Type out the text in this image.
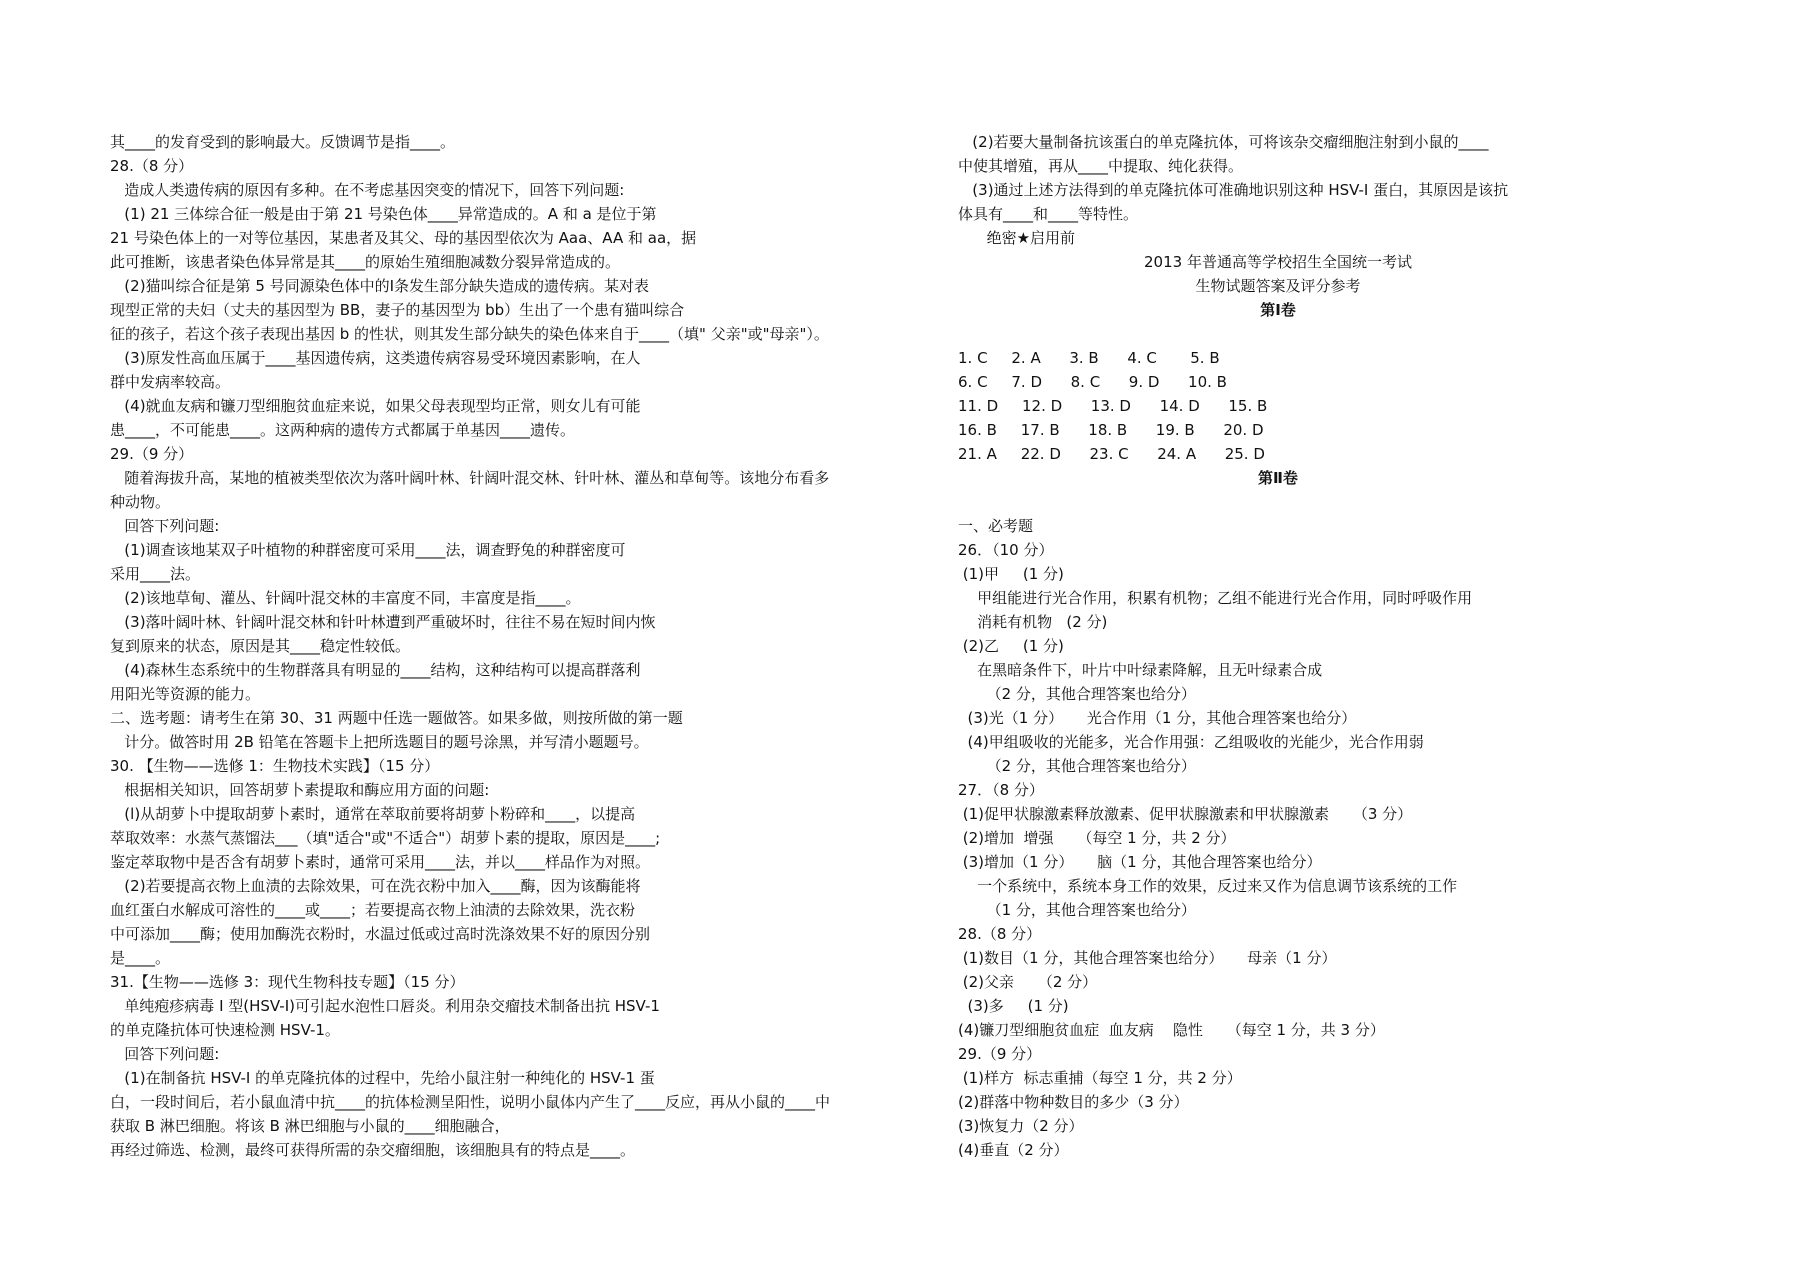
其____的发育受到的影响最大。反馈调节是指____。
28.（8 分）
造成人类遗传病的原因有多种。在不考虑基因突变的情况下，回答下列问题:
(1) 21 三体综合征一般是由于第 21 号染色体____异常造成的。A 和 a 是位于第
21 号染色体上的一对等位基因，某患者及其父、母的基因型依次为 Aaa、AA 和 aa，据
此可推断，该患者染色体异常是其____的原始生殖细胞减数分裂异常造成的。
(2)猫叫综合征是第 5 号同源染色体中的Ⅰ条发生部分缺失造成的遗传病。某对表
现型正常的夫妇（丈夫的基因型为 BB，妻子的基因型为 bb）生出了一个患有猫叫综合
征的孩子，若这个孩子表现出基因 b 的性状，则其发生部分缺失的染色体来自于____（填" 父亲"或"母亲"）。
(3)原发性高血压属于____基因遗传病，这类遗传病容易受环境因素影响，在人
群中发病率较高。
(4)就血友病和镰刀型细胞贫血症来说，如果父母表现型均正常，则女儿有可能
患____，不可能患____。这两种病的遗传方式都属于单基因____遗传。
29.（9 分）
随着海拔升高，某地的植被类型依次为落叶阔叶林、针阔叶混交林、针叶林、灌丛和草甸等。该地分布看多
种动物。
回答下列问题:
(1)调查该地某双子叶植物的种群密度可采用____法，调查野兔的种群密度可
采用____法。
(2)该地草甸、灌丛、针阔叶混交林的丰富度不同，丰富度是指____。
(3)落叶阔叶林、针阔叶混交林和针叶林遭到严重破坏时，往往不易在短时间内恢
复到原来的状态，原因是其____稳定性较低。
(4)森林生态系统中的生物群落具有明显的____结构，这种结构可以提高群落利
用阳光等资源的能力。
二、选考题：请考生在第 30、31 两题中任选一题做答。如果多做，则按所做的第一题
计分。做答时用 2B 铅笔在答题卡上把所选题目的题号涂黑，并写清小题题号。
30. 【生物——选修 1：生物技术实践】（15 分）
根据相关知识，回答胡萝卜素提取和酶应用方面的问题:
(l)从胡萝卜中提取胡萝卜素时，通常在萃取前要将胡萝卜粉碎和____，以提高
萃取效率：水蒸气蒸馏法___（填"适合"或"不适合"）胡萝卜素的提取，原因是____;
鉴定萃取物中是否含有胡萝卜素时，通常可采用____法，并以____样品作为对照。
(2)若要提高衣物上血渍的去除效果，可在洗衣粉中加入____酶，因为该酶能将
血红蛋白水解成可溶性的____或____；若要提高衣物上油渍的去除效果，洗衣粉
中可添加____酶；使用加酶洗衣粉时，水温过低或过高时洗涤效果不好的原因分别
是____。
31.【生物——选修 3：现代生物科技专题】（15 分）
单纯疱疹病毒 I 型(HSV-I)可引起水泡性口唇炎。利用杂交瘤技术制备出抗 HSV-1
的单克隆抗体可快速检测 HSV-1。
回答下列问题:
(1)在制备抗 HSV-I 的单克隆抗体的过程中，先给小鼠注射一种纯化的 HSV-1 蛋
白，一段时间后，若小鼠血清中抗____的抗体检测呈阳性，说明小鼠体内产生了____反应，再从小鼠的____中
获取 B 淋巴细胞。将该 B 淋巴细胞与小鼠的____细胞融合，
再经过筛选、检测，最终可获得所需的杂交瘤细胞，该细胞具有的特点是____。
(2)若要大量制备抗该蛋白的单克隆抗体，可将该杂交瘤细胞注射到小鼠的____
中使其增殖，再从____中提取、纯化获得。
(3)通过上述方法得到的单克隆抗体可准确地识别这种 HSV-I 蛋白，其原因是该抗
体具有____和____等特性。
绝密★启用前
2013 年普通高等学校招生全国统一考试
生物试题答案及评分参考
第Ⅰ卷
1. C     2. A      3. B      4. C       5. B
6. C     7. D      8. C      9. D      10. B
11. D     12. D      13. D      14. D      15. B
16. B     17. B      18. B      19. B      20. D
21. A     22. D      23. C      24. A      25. D
第Ⅱ卷
一、必考题
26．（10 分）
(1)甲     (1 分)
甲组能进行光合作用，积累有机物；乙组不能进行光合作用，同时呼吸作用
消耗有机物   (2 分)
(2)乙     (1 分)
在黑暗条件下，叶片中叶绿素降解，且无叶绿素合成
（2 分，其他合理答案也给分）
(3)光（1 分）     光合作用（1 分，其他合理答案也给分）
(4)甲组吸收的光能多，光合作用强：乙组吸收的光能少，光合作用弱
（2 分，其他合理答案也给分）
27．（8 分）
(1)促甲状腺激素释放激素、促甲状腺激素和甲状腺激素     （3 分）
(2)增加  增强     （每空 1 分，共 2 分）
(3)增加（1 分）     脑（1 分，其他合理答案也给分）
一个系统中，系统本身工作的效果，反过来又作为信息调节该系统的工作
（1 分，其他合理答案也给分）
28.（8 分）
(1)数目（1 分，其他合理答案也给分）     母亲（1 分）
(2)父亲     （2 分）
(3)多     (1 分)
(4)镰刀型细胞贫血症  血友病    隐性     （每空 1 分，共 3 分）
29.（9 分）
(1)样方  标志重捕（每空 1 分，共 2 分）
(2)群落中物种数目的多少（3 分）
(3)恢复力（2 分）
(4)垂直（2 分）
